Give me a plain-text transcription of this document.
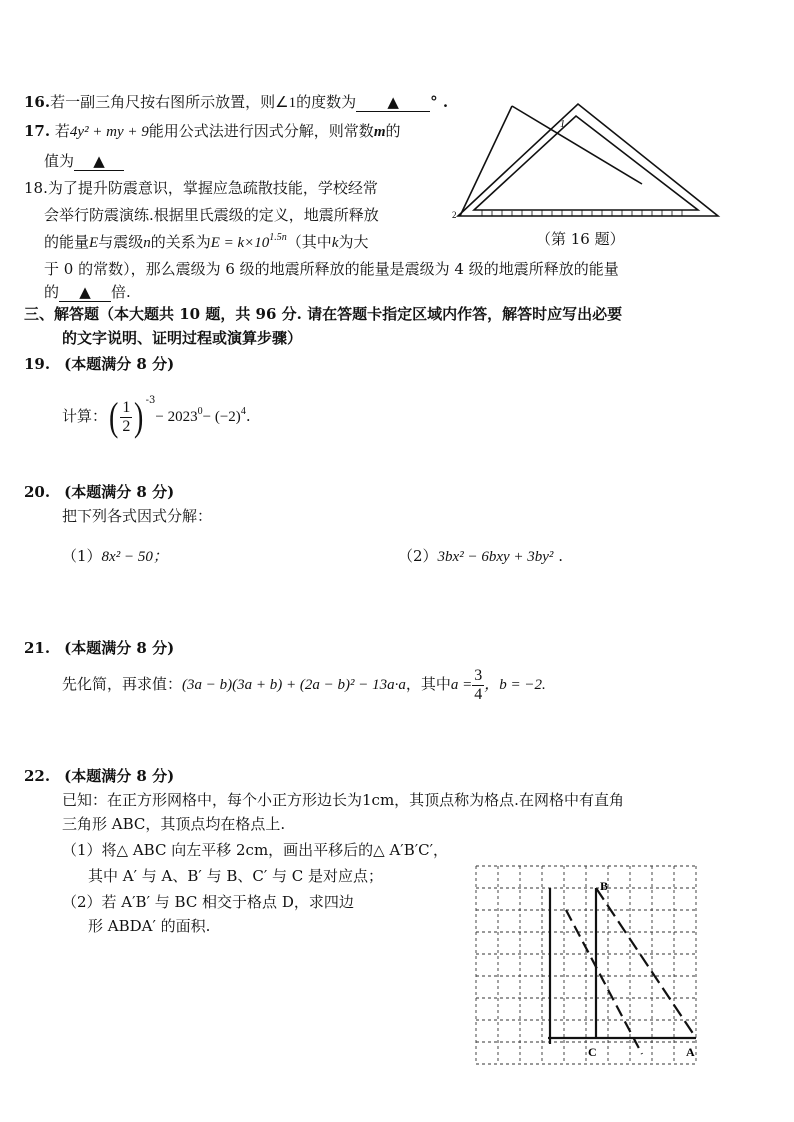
16.若一副三角尺按右图所示放置，则∠1的度数为 ▲ ° .
17. 若4y² + my + 9能用公式法进行因式分解，则常数m的
值为 ▲
18.为了提升防震意识，掌握应急疏散技能，学校经常
会举行防震演练.根据里氏震级的定义，地震所释放
的能量E与震级n的关系为$E = k\times 10^{1.5n}$（其中k为大
于 0 的常数），那么震级为 6 级的地震所释放的能量是震级为 4 级的地震所释放的能量
的 ▲ 倍.
1
2
（第 16 题）
三、解答题（本大题共 10 题，共 96 分. 请在答题卡指定区域内作答，解答时应写出必要
的文字说明、证明过程或演算步骤）
19. (本题满分 8 分)
计算：( $\frac{1}{2}$ ) $^{-3}- 2023^0- (-2)^4$.
20. (本题满分 8 分)
把下列各式因式分解：
（1）8x² − 50；	（2）3bx² − 6bxy + 3by² .
21. (本题满分 8 分)
先化简，再求值：(3a − b)(3a + b) + (2a − b)² − 13a·a，其中$a = \frac{3}{4}$ ，b = −2.
22. (本题满分 8 分)
已知：在正方形网格中，每个小正方形边长为1cm，其顶点称为格点.在网格中有直角
三角形 ABC，其顶点均在格点上.
（1）将△ ABC 向左平移 2cm，画出平移后的△ A′B′C′，
其中 A′ 与 A、B′ 与 B、C′ 与 C 是对应点；
（2）若 A′B′ 与 BC 相交于格点 D，求四边
形 ABDA′ 的面积.
B
C	A
